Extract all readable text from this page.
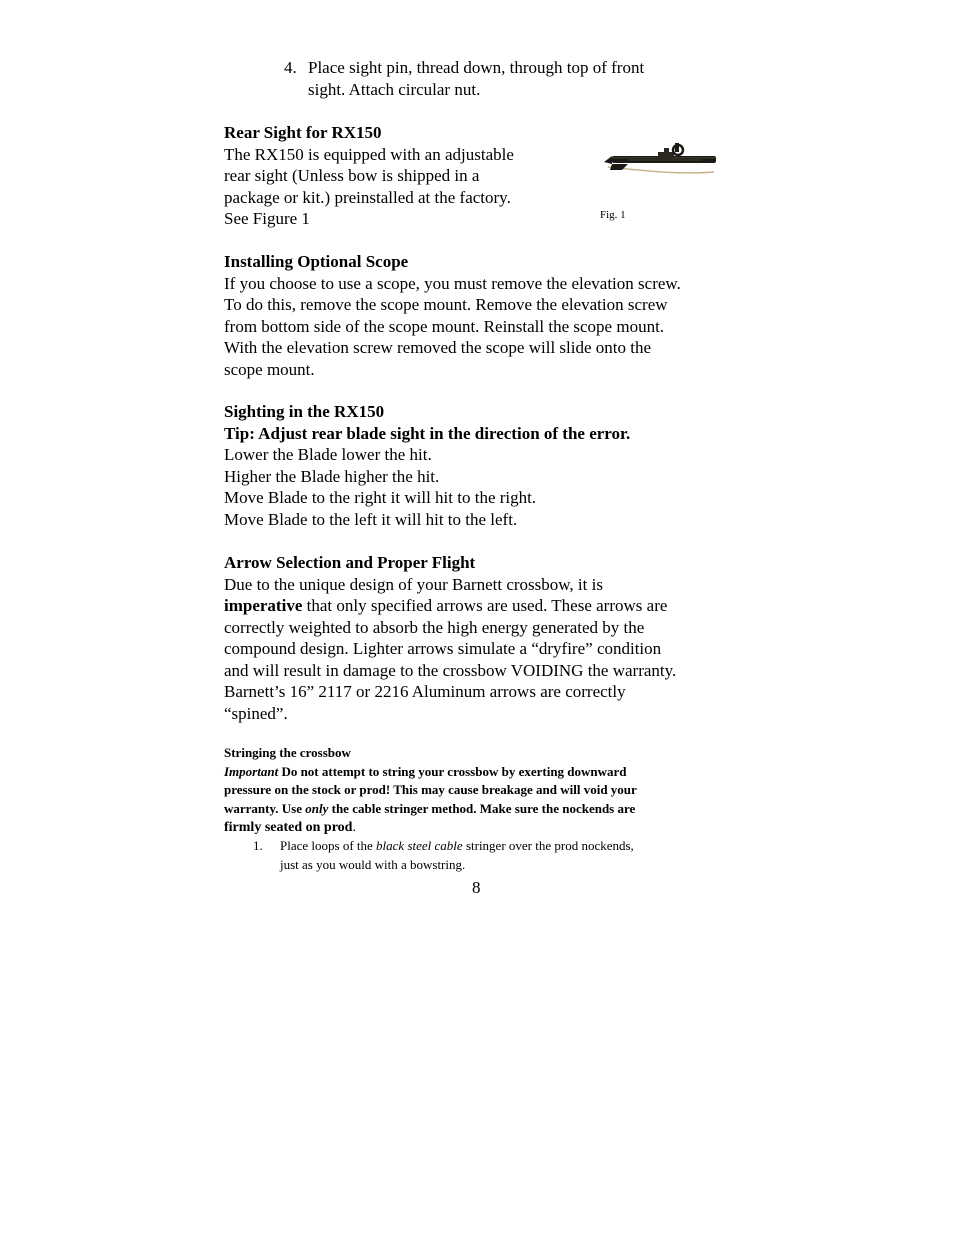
4. Place sight pin, thread down, through top of front
sight. Attach circular nut.
Rear Sight for RX150
The RX150 is equipped with an adjustable
rear sight (Unless bow is shipped in a
package or kit.) preinstalled at the factory.
See Figure 1	Fig. 1
Installing Optional Scope
If you choose to use a scope, you must remove the elevation screw.
To do this, remove the scope mount. Remove the elevation screw
from bottom side of the scope mount. Reinstall the scope mount.
With the elevation screw removed the scope will slide onto the
scope mount.
Sighting in the RX150
Tip: Adjust rear blade sight in the direction of the error.
Lower the Blade lower the hit.
Higher the Blade higher the hit.
Move Blade to the right it will hit to the right.
Move Blade to the left it will hit to the left.
Arrow Selection and Proper Flight
Due to the unique design of your Barnett crossbow, it is
imperative that only specified arrows are used. These arrows are
correctly weighted to absorb the high energy generated by the
compound design. Lighter arrows simulate a “dryfire” condition
and will result in damage to the crossbow VOIDING the warranty.
Barnett’s 16” 2117 or 2216 Aluminum arrows are correctly
“spined”.
Stringing the crossbow
Important Do not attempt to string your crossbow by exerting downward
pressure on the stock or prod! This may cause breakage and will void your
warranty. Use only the cable stringer method. Make sure the nockends are
firmly seated on prod.
1. Place loops of the black steel cable stringer over the prod nockends,
just as you would with a bowstring.
8
